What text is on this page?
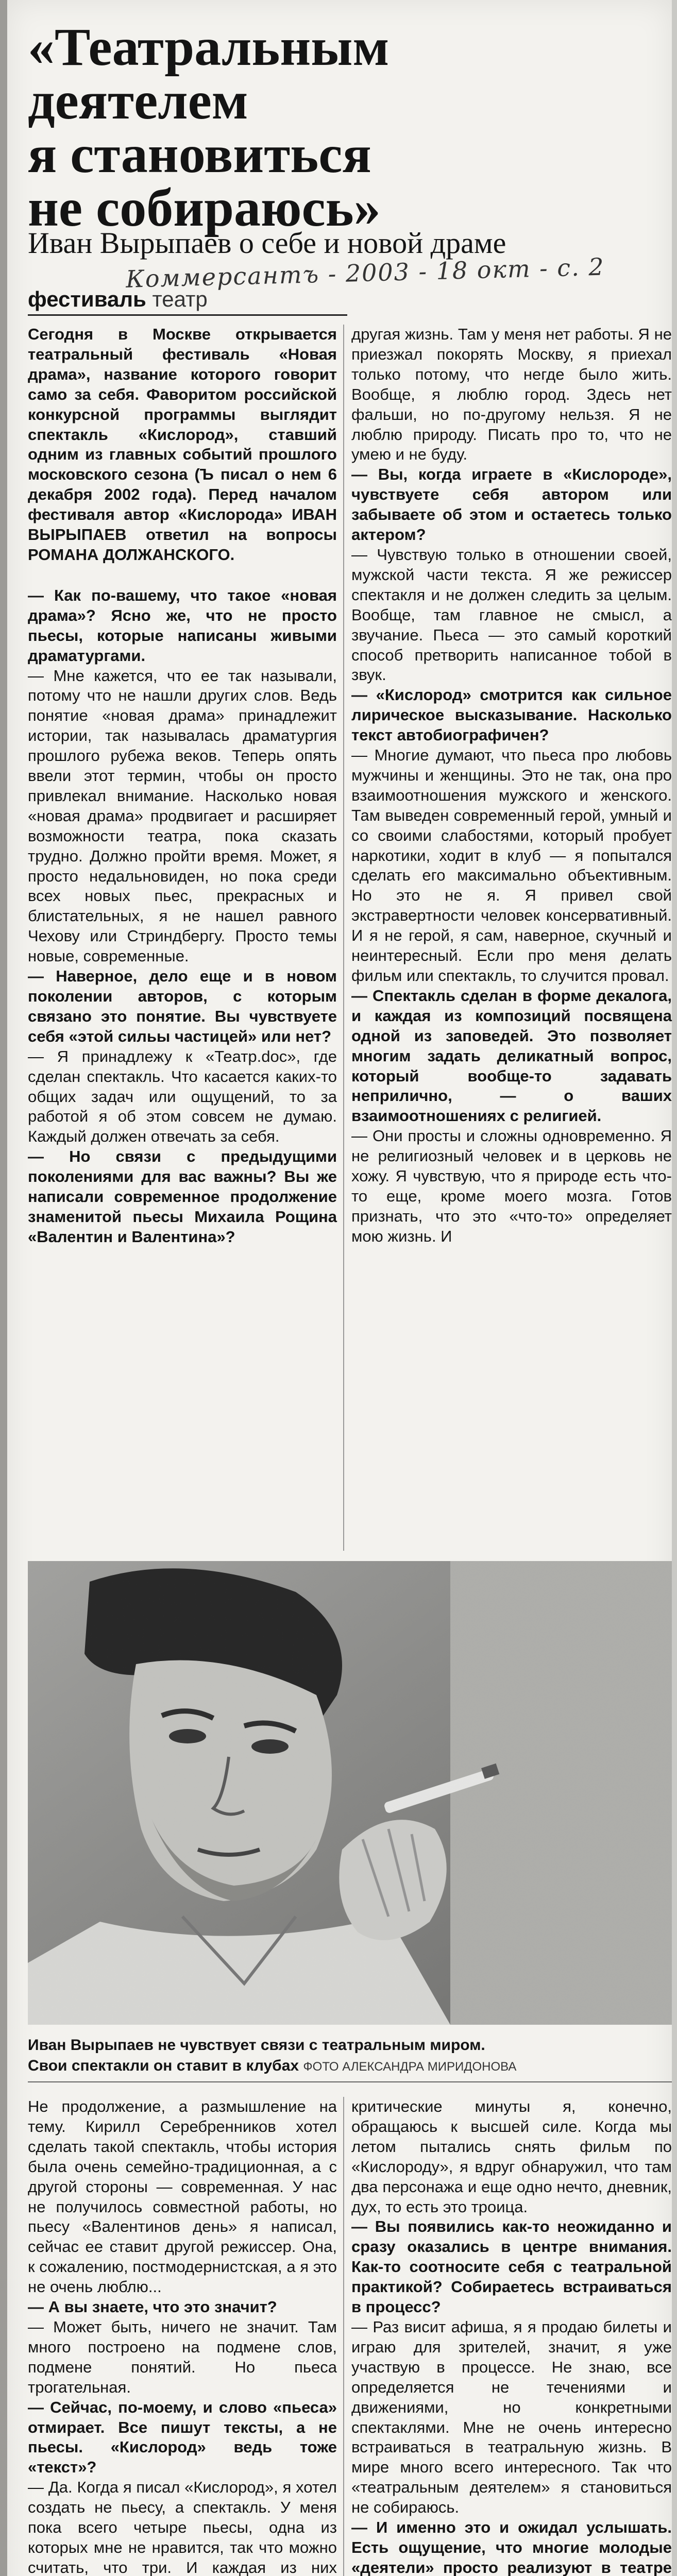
«Театральным
деятелем
я становиться
не собираюсь»
Иван Вырыпаев о себе и новой драме
Коммерсантъ - 2003 - 18 окт - с. 2
фестиваль театр

Сегодня в Москве открывается театральный фестиваль «Новая драма», название которого говорит само за себя. Фаворитом российской конкурсной программы выглядит спектакль «Кислород», ставший одним из главных событий прошлого московского сезона (Ъ писал о нем 6 декабря 2002 года). Перед началом фестиваля автор «Кислорода» ИВАН ВЫРЫПАЕВ ответил на вопросы РОМАНА ДОЛЖАНСКОГО.

— Как по-вашему, что такое «новая драма»? Ясно же, что не просто пьесы, которые написаны живыми драматургами.

— Мне кажется, что ее так называли, потому что не нашли других слов. Ведь понятие «новая драма» принадлежит истории, так называлась драматургия прошлого рубежа веков. Теперь опять ввели этот термин, чтобы он просто привлекал внимание. Насколько новая «новая драма» продвигает и расширяет возможности театра, пока сказать трудно. Должно пройти время. Может, я просто недальновиден, но пока среди всех новых пьес, прекрасных и блистательных, я не нашел равного Чехову или Стриндбергу. Просто темы новые, современные.

— Наверное, дело еще и в новом поколении авторов, с которым связано это понятие. Вы чувствуете себя «этой сильы частицей» или нет?

— Я принадлежу к «Театр.doc», где сделан спектакль. Что касается каких-то общих задач или ощущений, то за работой я об этом совсем не думаю. Каждый должен отвечать за себя.

— Но связи с предыдущими поколениями для вас важны? Вы же написали современное продолжение знаменитой пьесы Михаила Рощина «Валентин и Валентина»?

другая жизнь. Там у меня нет работы. Я не приезжал покорять Москву, я приехал только потому, что негде было жить. Вообще, я люблю город. Здесь нет фальши, но по-другому нельзя. Я не люблю природу. Писать про то, что не умею и не буду.

— Вы, когда играете в «Кислороде», чувствуете себя автором или забываете об этом и остаетесь только актером?

— Чувствую только в отношении своей, мужской части текста. Я же режиссер спектакля и не должен следить за целым. Вообще, там главное не смысл, а звучание. Пьеса — это самый короткий способ претворить написанное тобой в звук.

— «Кислород» смотрится как сильное лирическое высказывание. Насколько текст автобиографичен?

— Многие думают, что пьеса про любовь мужчины и женщины. Это не так, она про взаимоотношения мужского и женского. Там выведен современный герой, умный и со своими слабостями, который пробует наркотики, ходит в клуб — я попытался сделать его максимально объективным. Но это не я. Я привел свой экстравертности человек консервативный. И я не герой, я сам, наверное, скучный и неинтересный. Если про меня делать фильм или спектакль, то случится провал.

— Спектакль сделан в форме декалога, и каждая из композиций посвящена одной из заповедей. Это позволяет многим задать деликатный вопрос, который вообще-то задавать неприлично, — о ваших взаимоотношениях с религией.

— Они просты и сложны одновременно. Я не религиозный человек и в церковь не хожу. Я чувствую, что я природе есть что-то еще, кроме моего мозга. Готов признать, что это «что-то» определяет мою жизнь. И

Иван Вырыпаев не чувствует связи с театральным миром.
Свои спектакли он ставит в клубах ФОТО АЛЕКСАНДРА МИРИДОНОВА

Не продолжение, а размышление на тему. Кирилл Серебренников хотел сделать такой спектакль, чтобы история была очень семейно-традиционная, а с другой стороны — современная. У нас не получилось совместной работы, но пьесу «Валентинов день» я написал, сейчас ее ставит другой режиссер. Она, к сожалению, постмодернистская, а я это не очень люблю...

— А вы знаете, что это значит?

— Может быть, ничего не значит. Там много построено на подмене слов, подмене понятий. Но пьеса трогательная.

— Сейчас, по-моему, и слово «пьеса» отмирает. Все пишут тексты, а не пьесы. «Кислород» ведь тоже «текст»?

— Да. Когда я писал «Кислород», я хотел создать не пьесу, а спектакль. У меня пока всего четыре пьесы, одна из которых мне не нравится, так что можно считать, что три. И каждая из них

критические минуты я, конечно, обращаюсь к высшей силе. Когда мы летом пытались снять фильм по «Кислороду», я вдруг обнаружил, что там два персонажа и еще одно нечто, дневник, дух, то есть это троица.

— Вы появились как-то неожиданно и сразу оказались в центре внимания. Как-то соотносите себя с театральной практикой? Собираетесь встраиваться в процесс?

— Раз висит афиша, я я продаю билеты и играю для зрителей, значит, я уже участвую в процессе. Не знаю, все определяется не течениями и движениями, но конкретными спектаклями. Мне не очень интересно встраиваться в театральную жизнь. В мире много всего интересного. Так что «театральным деятелем» я становиться не собираюсь.

— И именно это и ожидал услышать. Есть ощущение, что многие молодые «деятели» просто реализуют в театре
